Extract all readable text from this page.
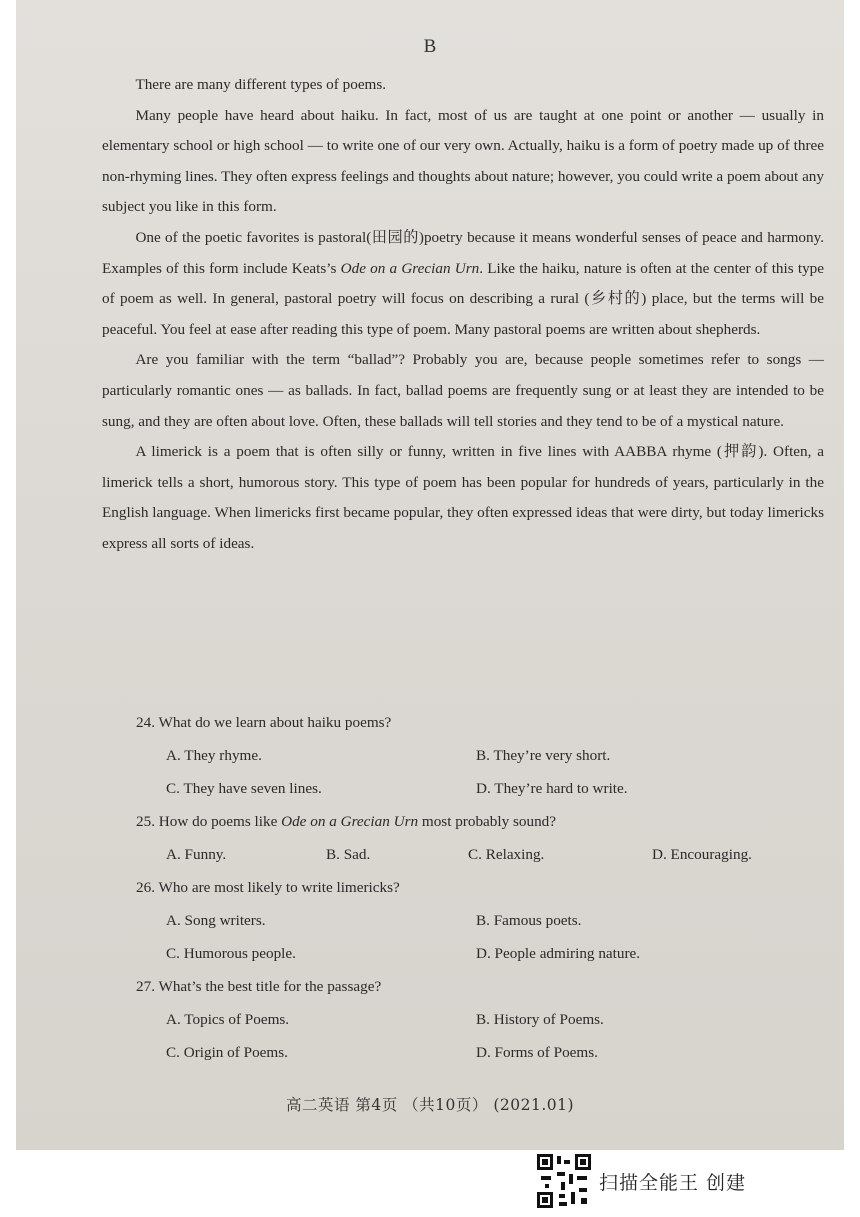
B

There are many different types of poems.

Many people have heard about haiku. In fact, most of us are taught at one point or another — usually in elementary school or high school — to write one of our very own. Actually, haiku is a form of poetry made up of three non-rhyming lines. They often express feelings and thoughts about nature; however, you could write a poem about any subject you like in this form.

One of the poetic favorites is pastoral(田园的)poetry because it means wonderful senses of peace and harmony. Examples of this form include Keats’s Ode on a Grecian Urn. Like the haiku, nature is often at the center of this type of poem as well. In general, pastoral poetry will focus on describing a rural (乡村的) place, but the terms will be peaceful. You feel at ease after reading this type of poem. Many pastoral poems are written about shepherds.

Are you familiar with the term “ballad”? Probably you are, because people sometimes refer to songs — particularly romantic ones — as ballads. In fact, ballad poems are frequently sung or at least they are intended to be sung, and they are often about love. Often, these ballads will tell stories and they tend to be of a mystical nature.

A limerick is a poem that is often silly or funny, written in five lines with AABBA rhyme (押韵). Often, a limerick tells a short, humorous story. This type of poem has been popular for hundreds of years, particularly in the English language. When limericks first became popular, they often expressed ideas that were dirty, but today limericks express all sorts of ideas.

24. What do we learn about haiku poems?

A. They rhyme.	B. They’re very short.
C. They have seven lines.	D. They’re hard to write.

25. How do poems like Ode on a Grecian Urn most probably sound?

A. Funny.	B. Sad.	C. Relaxing.	D. Encouraging.

26. Who are most likely to write limericks?

A. Song writers.	B. Famous poets.
C. Humorous people.	D. People admiring nature.

27. What’s the best title for the passage?

A. Topics of Poems.	B. History of Poems.
C. Origin of Poems.	D. Forms of Poems.
高二英语 第4页 （共10页） (2021.01)
扫描全能王 创建
